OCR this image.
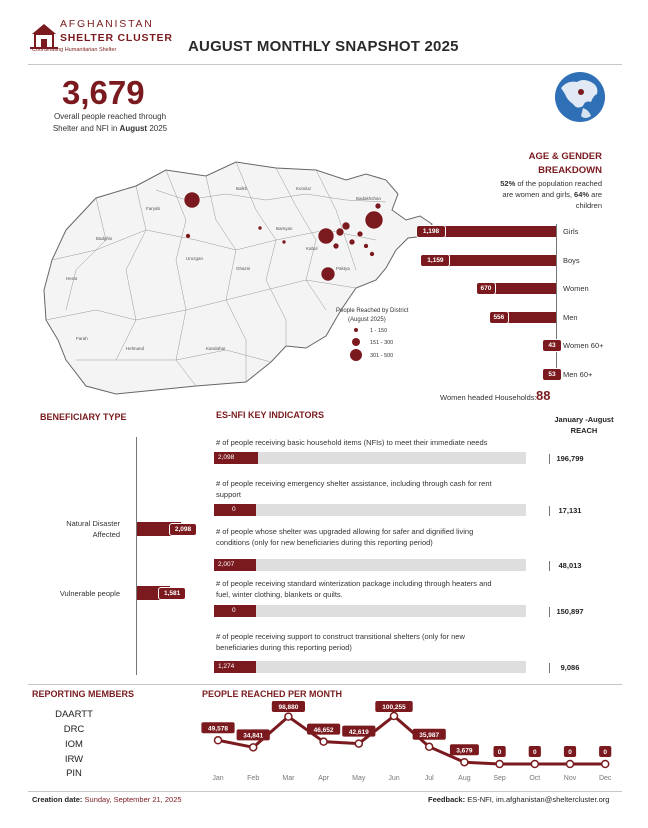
AFGHANISTAN
SHELTER CLUSTER
Coordinating Humanitarian Shelter	AUGUST MONTHLY SNAPSHOT 2025
3,679
Overall people reached through
Shelter and NFI in August 2025
Badghis
Herat
Farah
Uruzgan
Helmand	Kandahar
Ghazni
Faryab
Balkh	Kunduz
Badakhshan
Bamyan
Kabul
Paktya
People Reached by District
(August 2025)
1 - 150
151 - 300
301 - 500
AGE & GENDER
BREAKDOWN
52% of the population reached
are women and girls, 64% are
children
1,198	Girls
1,159	Boys
670	Women
556	Men
43 Women 60+
53 Men 60+
Women headed Households: 88
BENEFICIARY TYPE
2,098
Natural Disaster
Affected
1,581
Vulnerable people
ES-NFI KEY INDICATORS	January -August
REACH
# of people receiving basic household items (NFIs) to meet their immediate needs
2,098	196,799
# of people receiving emergency shelter assistance, including through cash for rent support
0	17,131
# of people whose shelter was upgraded allowing for safer and dignified living conditions (only for new beneficiaries during this reporting period)
2,007	48,013
# of people receiving standard winterization package including through heaters and fuel, winter clothing, blankets or quilts.
0	150,897
# of people receiving support to construct transitional shelters (only for new beneficiaries during this reporting period)
1,274	9,086
REPORTING MEMBERS
DAARTT
DRC
IOM
IRW
PIN
PEOPLE REACHED PER MONTH
49,578
Jan
34,841
Feb
98,880
Mar
46,652
Apr
42,619
May
100,255
Jun
35,987
Jul
3,679
Aug
0
Sep
0
Oct
0
Nov
0
Dec
Creation date: Sunday, September 21, 2025	Feedback: ES-NFI, im.afghanistan@sheltercluster.org
